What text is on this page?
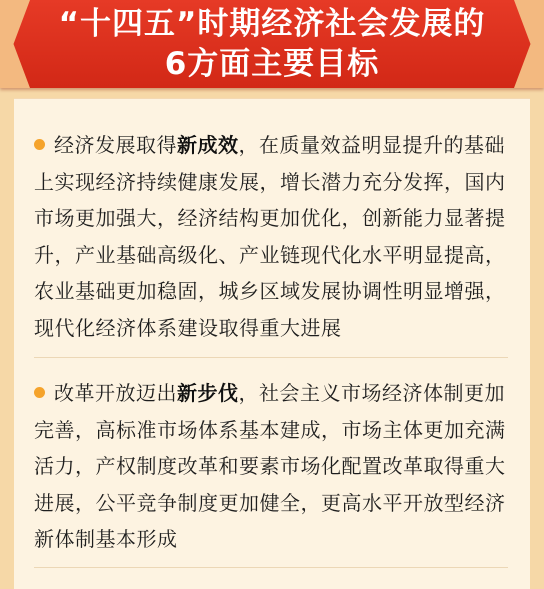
“十四五”时期经济社会发展的
6方面主要目标

经济发展取得新成效，在质量效益明显提升的基础上实现经济持续健康发展，增长潜力充分发挥，国内市场更加强大，经济结构更加优化，创新能力显著提升，产业基础高级化、产业链现代化水平明显提高，农业基础更加稳固，城乡区域发展协调性明显增强，现代化经济体系建设取得重大进展

改革开放迈出新步伐，社会主义市场经济体制更加完善，高标准市场体系基本建成，市场主体更加充满活力，产权制度改革和要素市场化配置改革取得重大进展，公平竞争制度更加健全，更高水平开放型经济新体制基本形成
